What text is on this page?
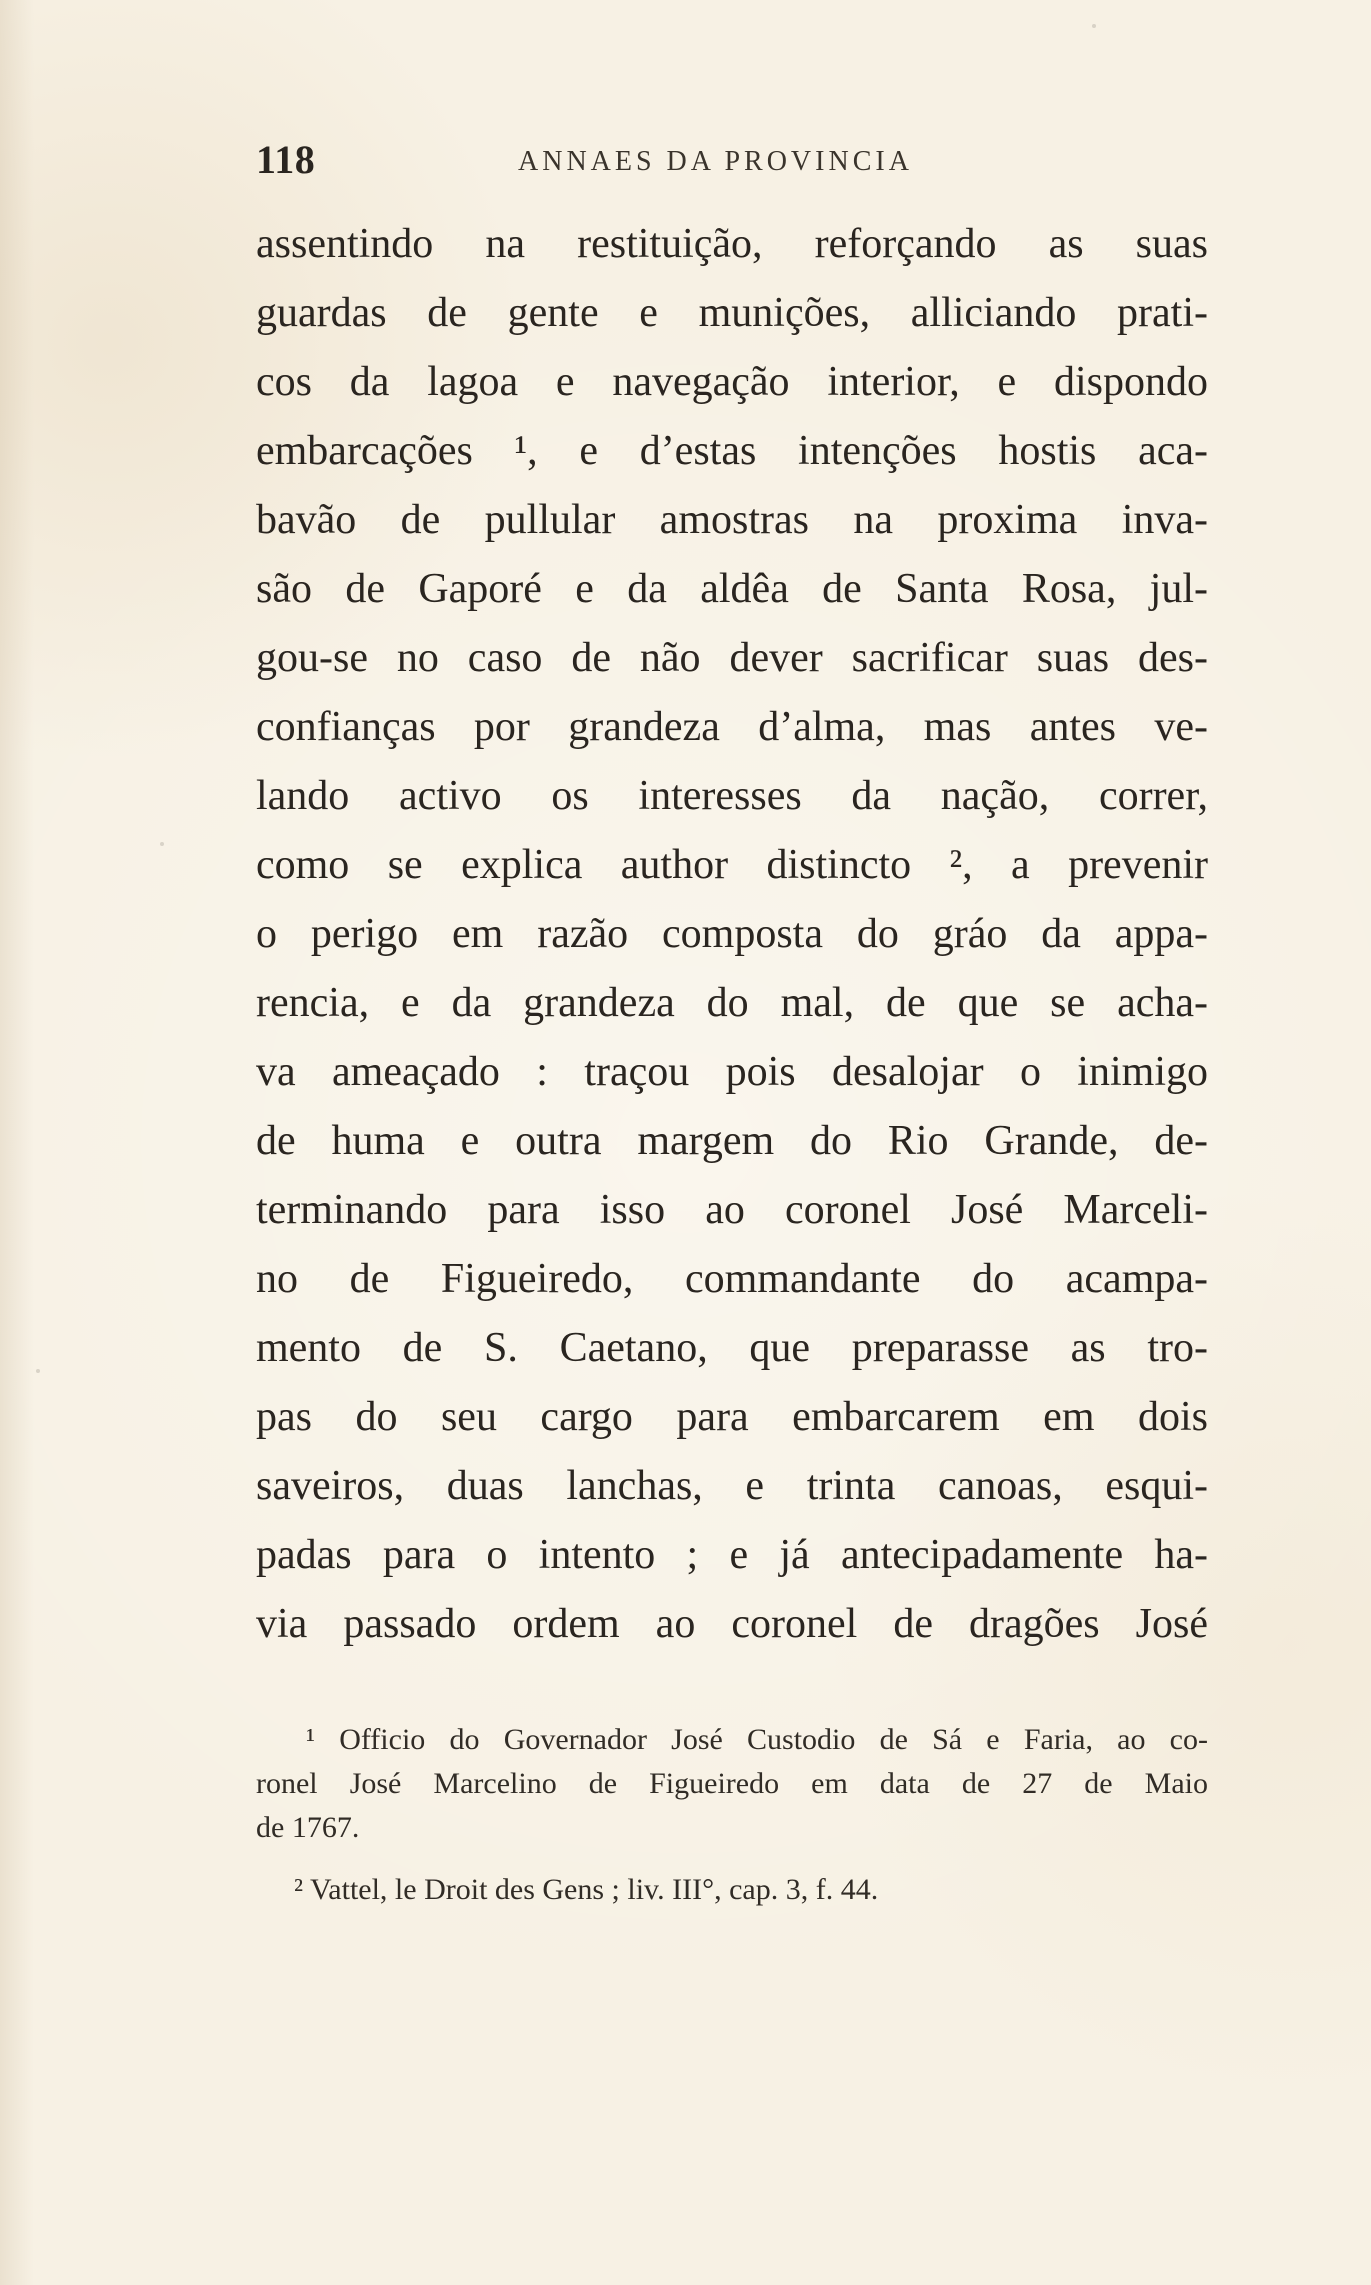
118	ANNAES DA PROVINCIA
assentindo na restituição, reforçando as suas
guardas de gente e munições, alliciando prati-
cos da lagoa e navegação interior, e dispondo
embarcações ¹, e d’estas intenções hostis aca-
bavão de pullular amostras na proxima inva-
são de Gaporé e da aldêa de Santa Rosa, jul-
gou-se no caso de não dever sacrificar suas des-
confianças por grandeza d’alma, mas antes ve-
lando activo os interesses da nação, correr,
como se explica author distincto ², a prevenir
o perigo em razão composta do gráo da appa-
rencia, e da grandeza do mal, de que se acha-
va ameaçado : traçou pois desalojar o inimigo
de huma e outra margem do Rio Grande, de-
terminando para isso ao coronel José Marceli-
no de Figueiredo, commandante do acampa-
mento de S. Caetano, que preparasse as tro-
pas do seu cargo para embarcarem em dois
saveiros, duas lanchas, e trinta canoas, esqui-
padas para o intento ; e já antecipadamente ha-
via passado ordem ao coronel de dragões José
¹ Officio do Governador José Custodio de Sá e Faria, ao co-
ronel José Marcelino de Figueiredo em data de 27 de Maio
de 1767.
² Vattel, le Droit des Gens ; liv. III°, cap. 3, f. 44.
